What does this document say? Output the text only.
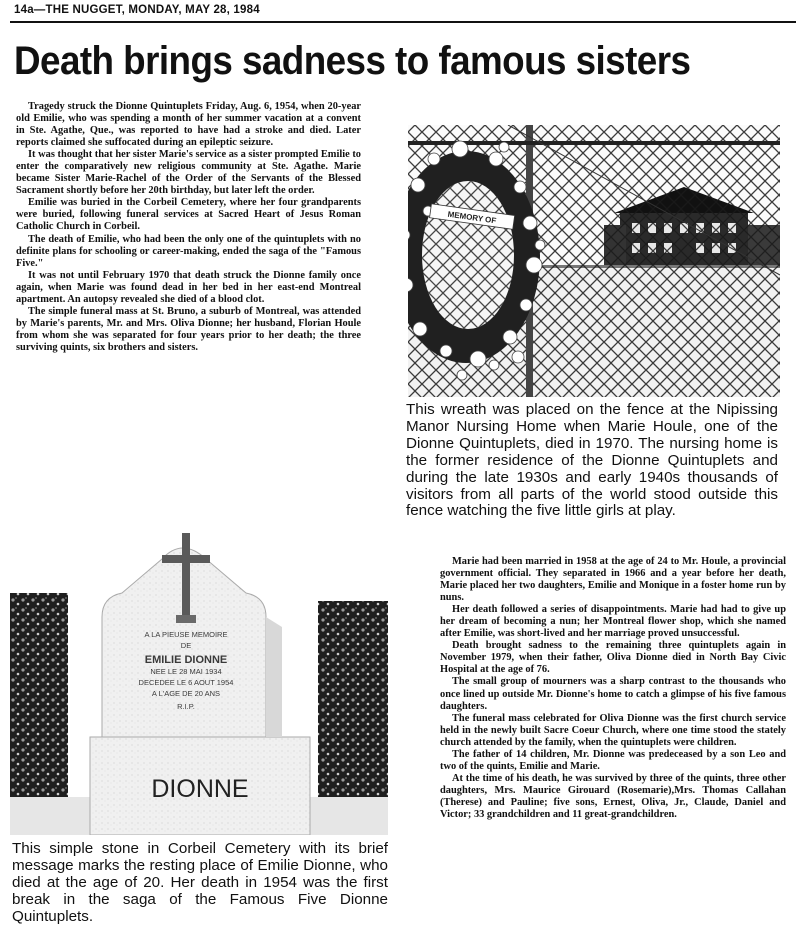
14a—THE NUGGET, MONDAY, MAY 28, 1984
Death brings sadness to famous sisters

Tragedy struck the Dionne Quintuplets Friday, Aug. 6, 1954, when 20-year old Emilie, who was spending a month of her summer vacation at a convent in Ste. Agathe, Que., was reported to have had a stroke and died. Later reports claimed she suffocated during an epileptic seizure.

It was thought that her sister Marie's service as a sister prompted Emilie to enter the comparatively new religious community at Ste. Agathe. Marie became Sister Marie-Rachel of the Order of the Servants of the Blessed Sacrament shortly before her 20th birthday, but later left the order.

Emilie was buried in the Corbeil Cemetery, where her four grandparents were buried, following funeral services at Sacred Heart of Jesus Roman Catholic Church in Corbeil.

The death of Emilie, who had been the only one of the quintuplets with no definite plans for schooling or career-making, ended the saga of the "Famous Five."

It was not until February 1970 that death struck the Dionne family once again, when Marie was found dead in her bed in her east-end Montreal apartment. An autopsy revealed she died of a blood clot.

The simple funeral mass at St. Bruno, a suburb of Montreal, was attended by Marie's parents, Mr. and Mrs. Oliva Dionne; her husband, Florian Houle from whom she was separated for four years prior to her death; the three surviving quints, six brothers and sisters.

MEMORY OF
This wreath was placed on the fence at the Nipissing Manor Nursing Home when Marie Houle, one of the Dionne Quintuplets, died in 1970. The nursing home is the former residence of the Dionne Quintuplets and during the late 1930s and early 1940s thousands of visitors from all parts of the world stood outside this fence watching the five little girls at play.
A LA PIEUSE MEMOIRE
DE
EMILIE DIONNE
NEE LE 28 MAI 1934
DECEDEE LE 6 AOUT 1954
A L'AGE DE 20 ANS
R.I.P.
DIONNE
This simple stone in Corbeil Cemetery with its brief message marks the resting place of Emilie Dionne, who died at the age of 20. Her death in 1954 was the first break in the saga of the Famous Five Dionne Quintuplets.

Marie had been married in 1958 at the age of 24 to Mr. Houle, a provincial government official. They separated in 1966 and a year before her death, Marie placed her two daughters, Emilie and Monique in a foster home run by nuns.

Her death followed a series of disappointments. Marie had had to give up her dream of becoming a nun; her Montreal flower shop, which she named after Emilie, was short-lived and her marriage proved unsuccessful.

Death brought sadness to the remaining three quintuplets again in November 1979, when their father, Oliva Dionne died in North Bay Civic Hospital at the age of 76.

The small group of mourners was a sharp contrast to the thousands who once lined up outside Mr. Dionne's home to catch a glimpse of his five famous daughters.

The funeral mass celebrated for Oliva Dionne was the first church service held in the newly built Sacre Coeur Church, where one time stood the stately church attended by the family, when the quintuplets were children.

The father of 14 children, Mr. Dionne was predeceased by a son Leo and two of the quints, Emilie and Marie.

At the time of his death, he was survived by three of the quints, three other daughters, Mrs. Maurice Girouard (Rosemarie),Mrs. Thomas Callahan (Therese) and Pauline; five sons, Ernest, Oliva, Jr., Claude, Daniel and Victor; 33 grandchildren and 11 great-grandchildren.
